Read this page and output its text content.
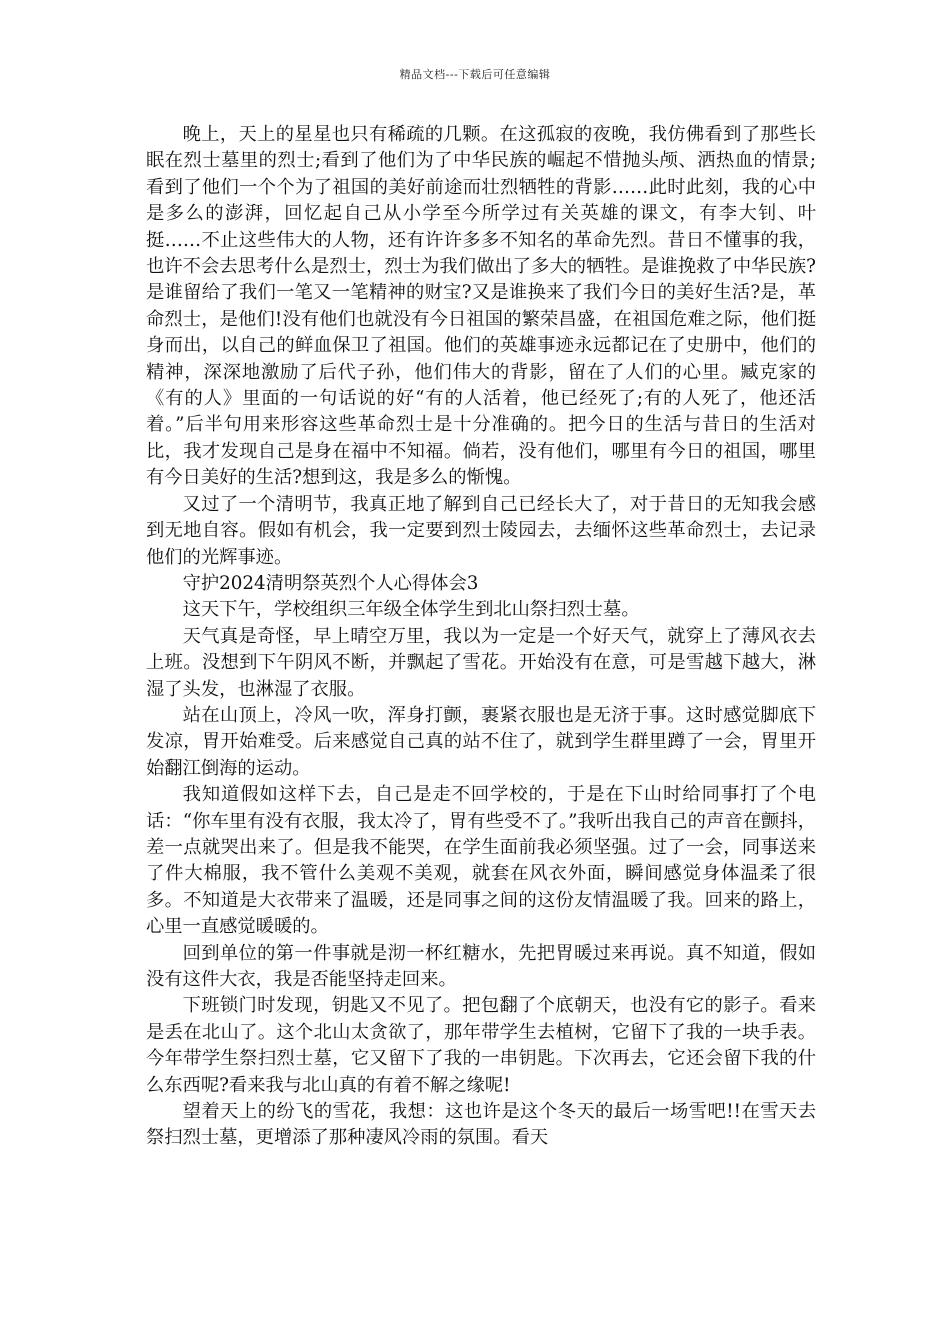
精品文档---下载后可任意编辑

晚上，天上的星星也只有稀疏的几颗。在这孤寂的夜晚，我仿佛看到了那些长眠在烈士墓里的烈士;看到了他们为了中华民族的崛起不惜抛头颅、洒热血的情景;看到了他们一个个为了祖国的美好前途而壮烈牺牲的背影……此时此刻，我的心中是多么的澎湃，回忆起自己从小学至今所学过有关英雄的课文，有李大钊、叶挺……不止这些伟大的人物，还有许许多多不知名的革命先烈。昔日不懂事的我，也许不会去思考什么是烈士，烈士为我们做出了多大的牺牲。是谁挽救了中华民族?是谁留给了我们一笔又一笔精神的财宝?又是谁换来了我们今日的美好生活?是，革命烈士，是他们!没有他们也就没有今日祖国的繁荣昌盛，在祖国危难之际，他们挺身而出，以自己的鲜血保卫了祖国。他们的英雄事迹永远都记在了史册中，他们的精神，深深地激励了后代子孙，他们伟大的背影，留在了人们的心里。臧克家的《有的人》里面的一句话说的好“有的人活着，他已经死了;有的人死了，他还活着。”后半句用来形容这些革命烈士是十分准确的。把今日的生活与昔日的生活对比，我才发现自己是身在福中不知福。倘若，没有他们，哪里有今日的祖国，哪里有今日美好的生活?想到这，我是多么的惭愧。

又过了一个清明节，我真正地了解到自己已经长大了，对于昔日的无知我会感到无地自容。假如有机会，我一定要到烈士陵园去，去缅怀这些革命烈士，去记录他们的光辉事迹。

守护2024清明祭英烈个人心得体会3

这天下午，学校组织三年级全体学生到北山祭扫烈士墓。

天气真是奇怪，早上晴空万里，我以为一定是一个好天气，就穿上了薄风衣去上班。没想到下午阴风不断，并飘起了雪花。开始没有在意，可是雪越下越大，淋湿了头发，也淋湿了衣服。

站在山顶上，冷风一吹，浑身打颤，裹紧衣服也是无济于事。这时感觉脚底下发凉，胃开始难受。后来感觉自己真的站不住了，就到学生群里蹲了一会，胃里开始翻江倒海的运动。

我知道假如这样下去，自己是走不回学校的，于是在下山时给同事打了个电话：“你车里有没有衣服，我太冷了，胃有些受不了。”我听出我自己的声音在颤抖，差一点就哭出来了。但是我不能哭，在学生面前我必须坚强。过了一会，同事送来了件大棉服，我不管什么美观不美观，就套在风衣外面，瞬间感觉身体温柔了很多。不知道是大衣带来了温暖，还是同事之间的这份友情温暖了我。回来的路上，心里一直感觉暖暖的。

回到单位的第一件事就是沏一杯红糖水，先把胃暖过来再说。真不知道，假如没有这件大衣，我是否能坚持走回来。

下班锁门时发现，钥匙又不见了。把包翻了个底朝天，也没有它的影子。看来是丢在北山了。这个北山太贪欲了，那年带学生去植树，它留下了我的一块手表。今年带学生祭扫烈士墓，它又留下了我的一串钥匙。下次再去，它还会留下我的什么东西呢?看来我与北山真的有着不解之缘呢!

望着天上的纷飞的雪花，我想：这也许是这个冬天的最后一场雪吧!!在雪天去祭扫烈士墓，更增添了那种凄风冷雨的氛围。看天
